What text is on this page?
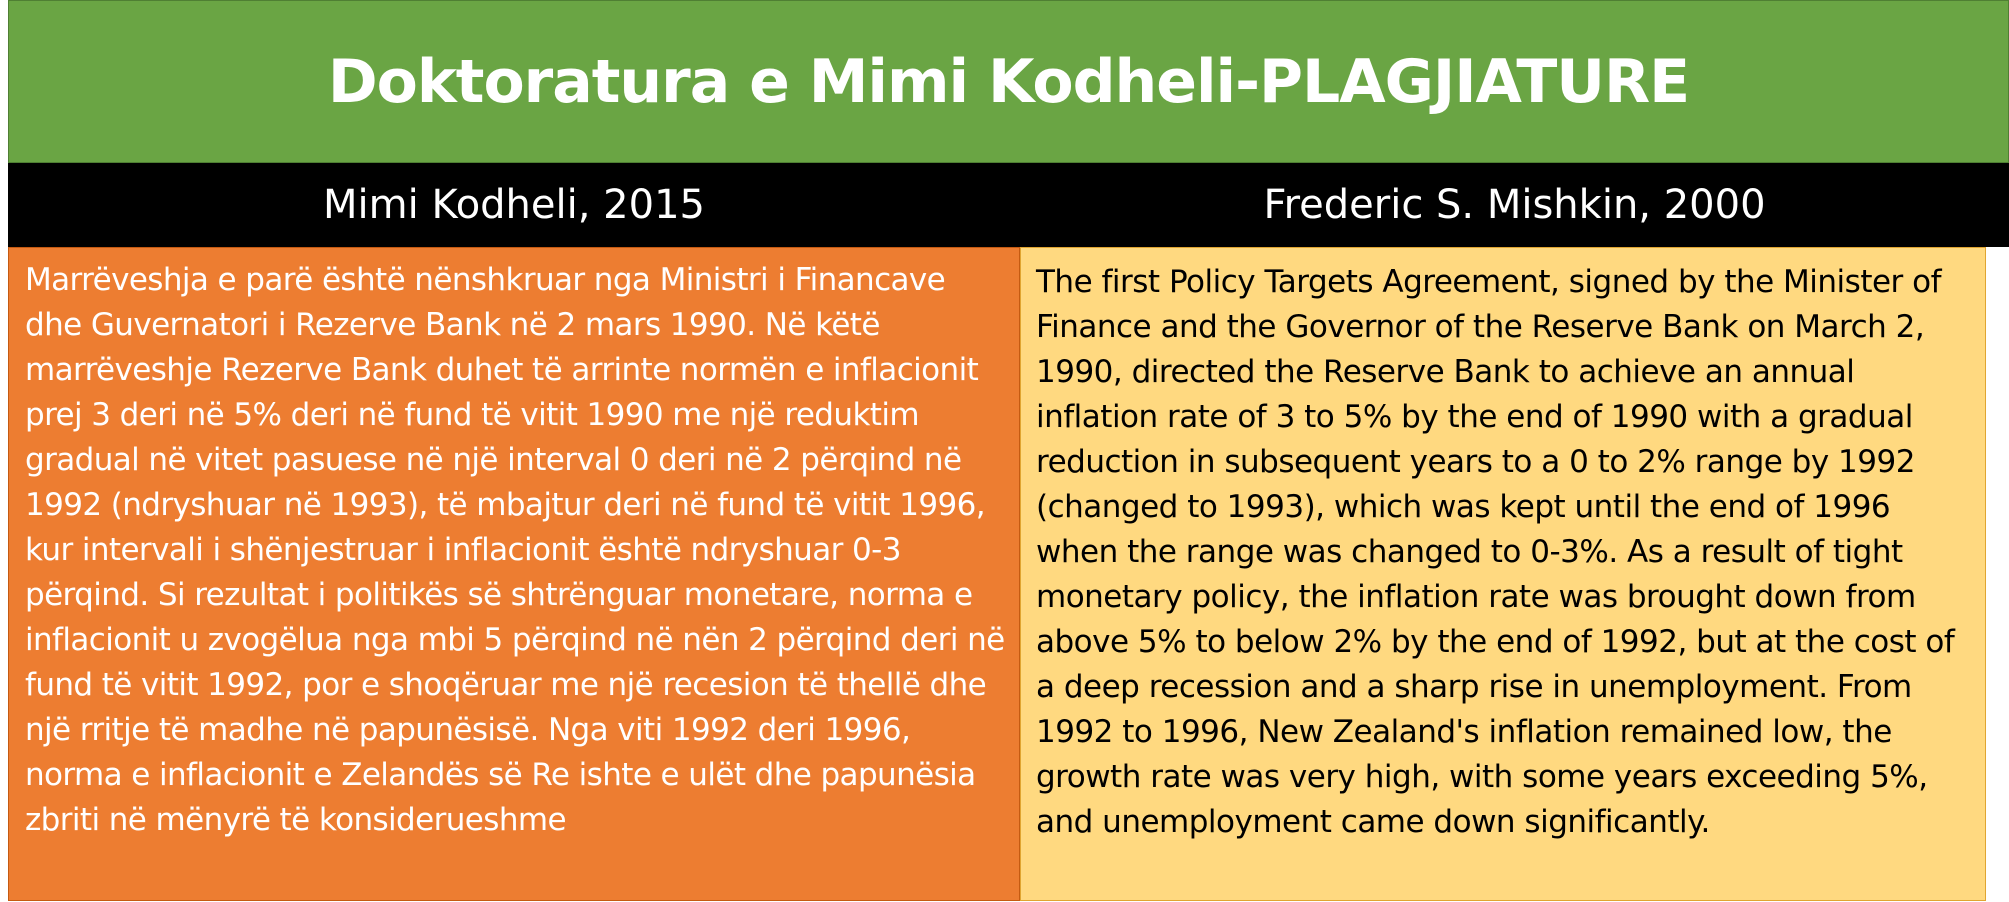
Doktoratura e Mimi Kodheli-PLAGJIATURE
Mimi Kodheli, 2015	Frederic S. Mishkin, 2000

Marrëveshja e parë është nënshkruar nga Ministri i Financave dhe Guvernatori i Rezerve Bank në 2 mars 1990. Në këtë marrëveshje Rezerve Bank duhet të arrinte normën e inflacionit prej 3 deri në 5% deri në fund të vitit 1990 me një reduktim gradual në vitet pasuese në një interval 0 deri në 2 përqind në 1992 (ndryshuar në 1993), të mbajtur deri në fund të vitit 1996, kur intervali i shënjestruar i inflacionit është ndryshuar 0-3 përqind. Si rezultat i politikës së shtrënguar monetare, norma e inflacionit u zvogëlua nga mbi 5 përqind në nën 2 përqind deri në fund të vitit 1992, por e shoqëruar me një recesion të thellë dhe një rritje të madhe në papunësisë. Nga viti 1992 deri 1996, norma e inflacionit e Zelandës së Re ishte e ulët dhe papunësia zbriti në mënyrë të konsiderueshme

The first Policy Targets Agreement, signed by the Minister of Finance and the Governor of the Reserve Bank on March 2, 1990, directed the Reserve Bank to achieve an annual inflation rate of 3 to 5% by the end of 1990 with a gradual reduction in subsequent years to a 0 to 2% range by 1992 (changed to 1993), which was kept until the end of 1996 when the range was changed to 0-3%. As a result of tight monetary policy, the inflation rate was brought down from above 5% to below 2% by the end of 1992, but at the cost of a deep recession and a sharp rise in unemployment. From 1992 to 1996, New Zealand's inflation remained low, the growth rate was very high, with some years exceeding 5%, and unemployment came down significantly.
